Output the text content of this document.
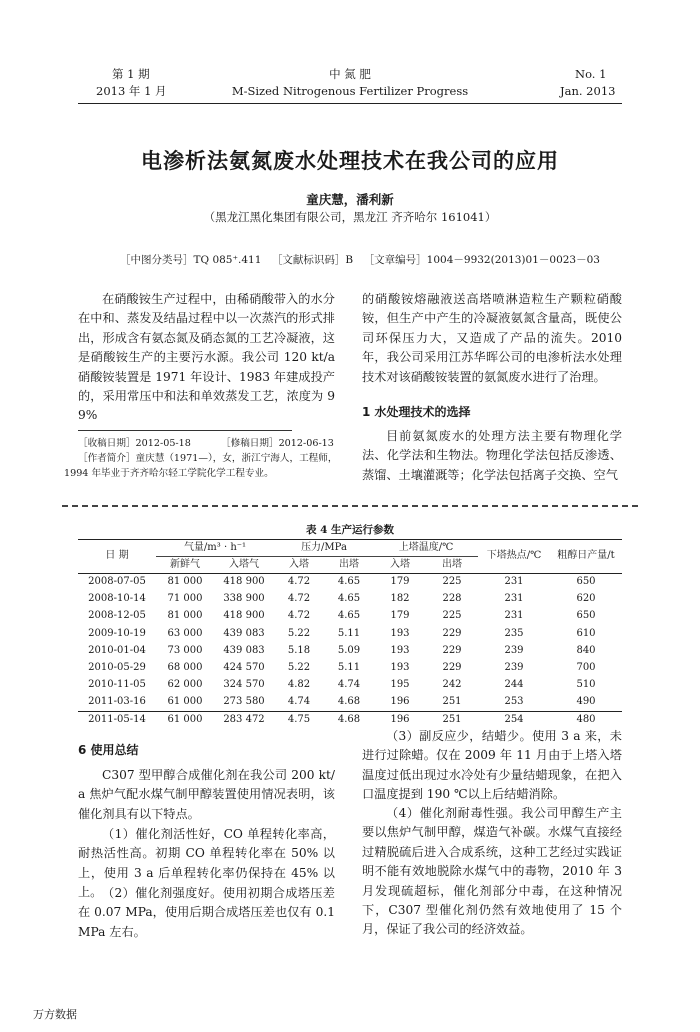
第 1 期
2013 年 1 月
中 氮 肥
M-Sized Nitrogenous Fertilizer Progress
No. 1
Jan. 2013
电渗析法氨氮废水处理技术在我公司的应用
童庆慧，潘利新
（黑龙江黑化集团有限公司，黑龙江 齐齐哈尔 161041）
［中图分类号］TQ 085⁺.411 ［文献标识码］B ［文章编号］1004－9932(2013)01－0023－03
在硝酸铵生产过程中，由稀硝酸带入的水分在中和、蒸发及结晶过程中以一次蒸汽的形式排出，形成含有氨态氮及硝态氮的工艺冷凝液，这是硝酸铵生产的主要污水源。我公司 120 kt/a 硝酸铵装置是 1971 年设计、1983 年建成投产的，采用常压中和法和单效蒸发工艺，浓度为 99%
的硝酸铵熔融液送高塔喷淋造粒生产颗粒硝酸铵，但生产中产生的冷凝液氨氮含量高，既使公司环保压力大，又造成了产品的流失。2010 年，我公司采用江苏华晖公司的电渗析法水处理技术对该硝酸铵装置的氨氮废水进行了治理。
1 水处理技术的选择
目前氨氮废水的处理方法主要有物理化学法、化学法和生物法。物理化学法包括反渗透、蒸馏、土壤灌溉等；化学法包括离子交换、空气
［收稿日期］2012-05-18	［修稿日期］2012-06-13
［作者简介］童庆慧（1971—），女，浙江宁海人，工程师，
1994 年毕业于齐齐哈尔轻工学院化学工程专业。
表 4 生产运行参数
日 期	气量/m³ · h⁻¹		压力/MPa		上塔温度/℃		下塔热点/℃	粗醇日产量/t
	新鲜气	入塔气	入塔	出塔	入塔	出塔		
2008-07-05	81 000	418 900	4.72	4.65	179	225	231	650
2008-10-14	71 000	338 900	4.72	4.65	182	228	231	620
2008-12-05	81 000	418 900	4.72	4.65	179	225	231	650
2009-10-19	63 000	439 083	5.22	5.11	193	229	235	610
2010-01-04	73 000	439 083	5.18	5.09	193	229	239	840
2010-05-29	68 000	424 570	5.22	5.11	193	229	239	700
2010-11-05	62 000	324 570	4.82	4.74	195	242	244	510
2011-03-16	61 000	273 580	4.74	4.68	196	251	253	490
2011-05-14	61 000	283 472	4.75	4.68	196	251	254	480
6 使用总结
C307 型甲醇合成催化剂在我公司 200 kt/a 焦炉气配水煤气制甲醇装置使用情况表明，该催化剂具有以下特点。
（1）催化剂活性好，CO 单程转化率高，耐热活性高。初期 CO 单程转化率在 50% 以上，使用 3 a 后单程转化率仍保持在 45% 以上。 （2）催化剂强度好。使用初期合成塔压差在 0.07 MPa，使用后期合成塔压差也仅有 0.1 MPa 左右。
（3）副反应少，结蜡少。使用 3 a 来，未进行过除蜡。仅在 2009 年 11 月由于上塔入塔温度过低出现过水冷处有少量结蜡现象，在把入口温度提到 190 ℃以上后结蜡消除。
（4）催化剂耐毒性强。我公司甲醇生产主要以焦炉气制甲醇，煤造气补碳。水煤气直接经过精脱硫后进入合成系统，这种工艺经过实践证明不能有效地脱除水煤气中的毒物，2010 年 3 月发现硫超标，催化剂部分中毒，在这种情况下，C307 型催化剂仍然有效地使用了 15 个月，保证了我公司的经济效益。
万方数据
